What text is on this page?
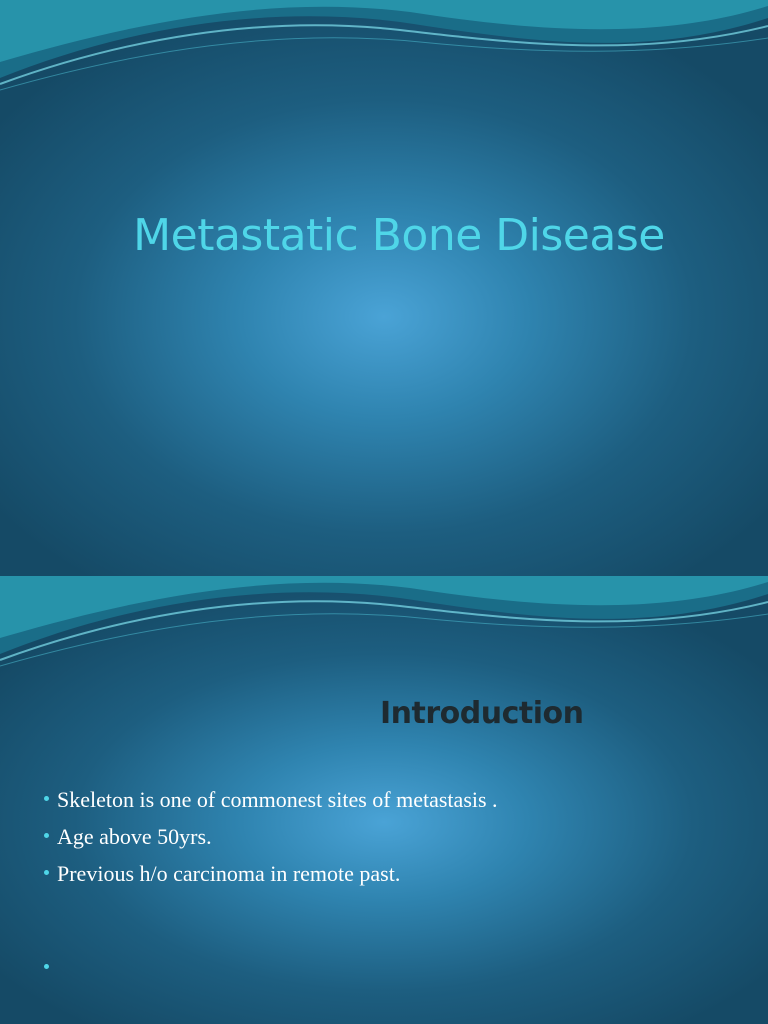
Metastatic Bone Disease
Introduction
Skeleton is one of commonest sites of metastasis .
Age above 50yrs.
Previous h/o carcinoma in remote past.
